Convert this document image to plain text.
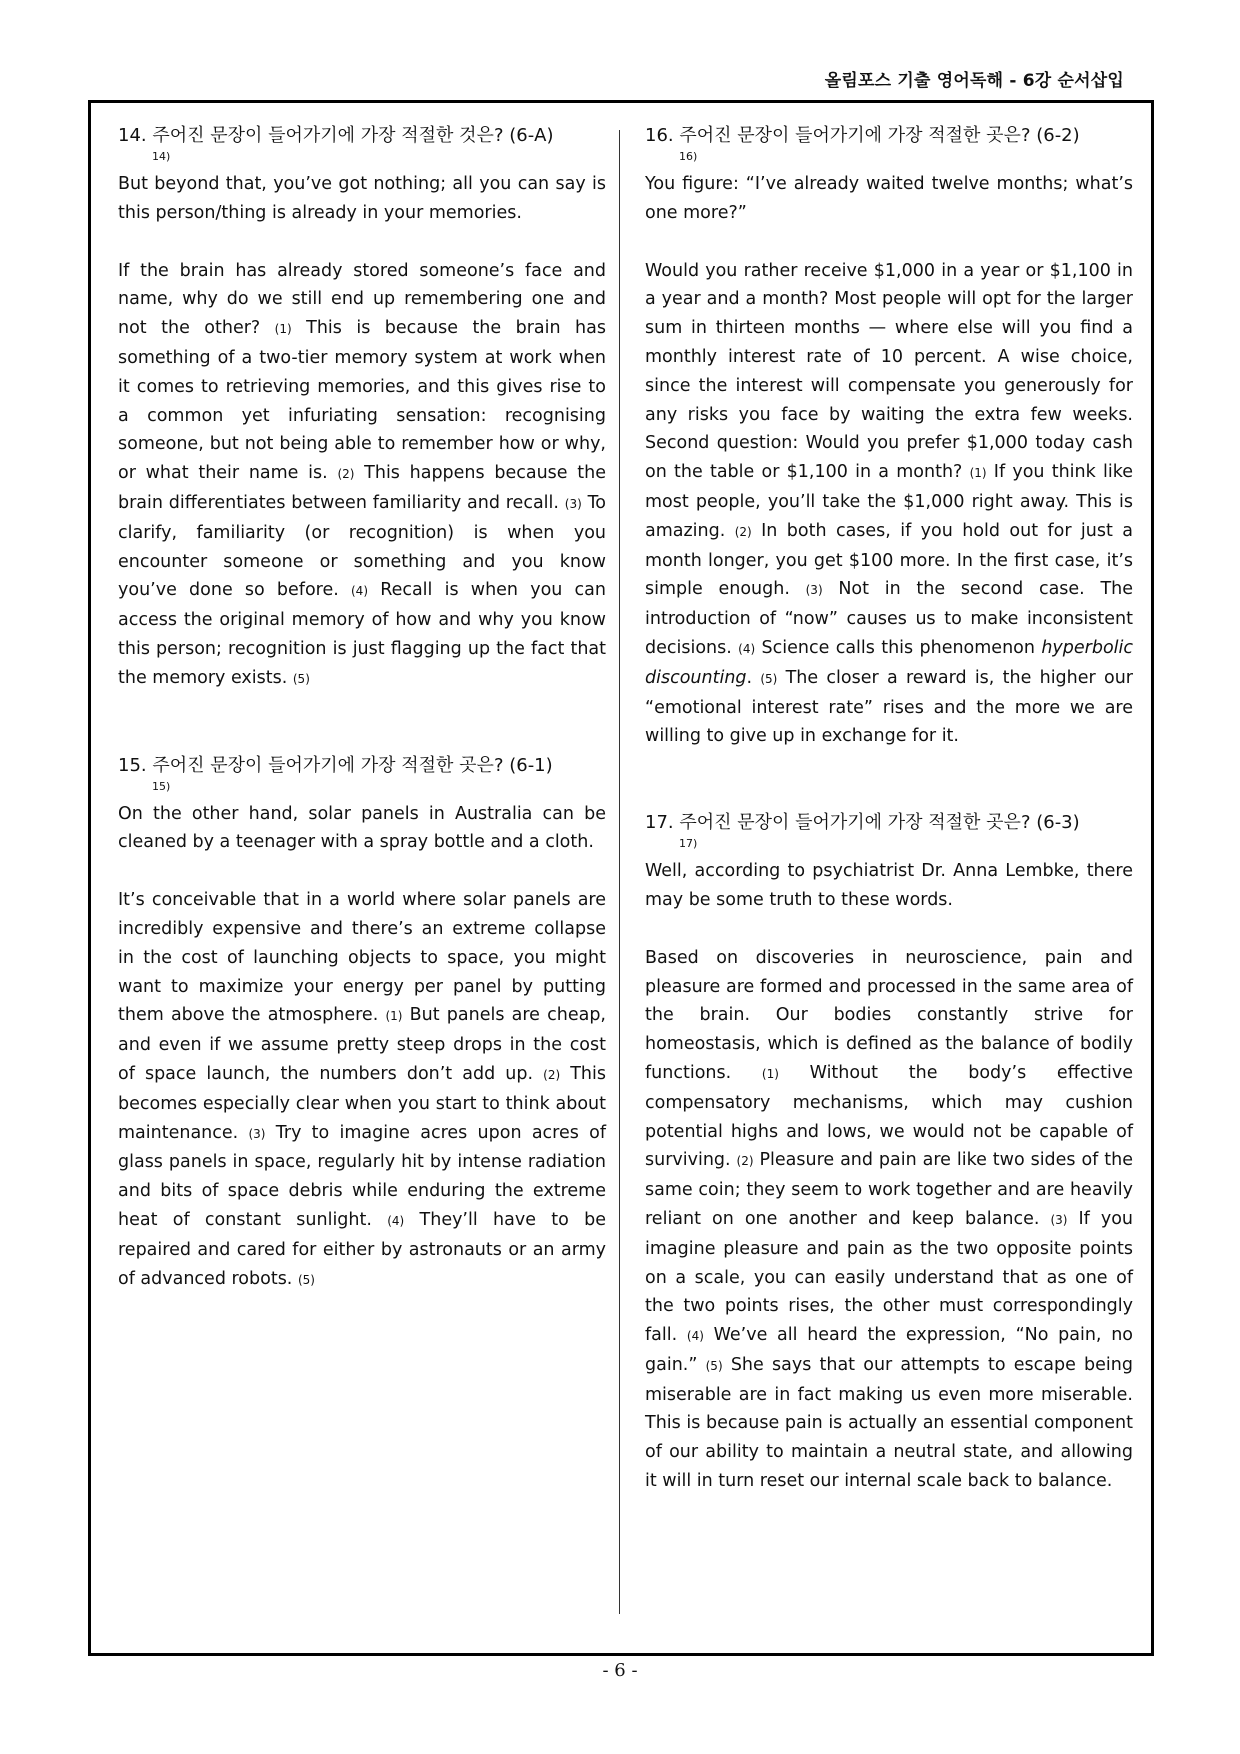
올림포스 기출 영어독해 - 6강 순서삽입
14. 주어진 문장이 들어가기에 가장 적절한 것은? (6-A)
14)
But beyond that, you’ve got nothing; all you can say is this person/thing is already in your memories.

If the brain has already stored someone’s face and name, why do we still end up remembering one and not the other? (1) This is because the brain has something of a two-tier memory system at work when it comes to retrieving memories, and this gives rise to a common yet infuriating sensation: recognising someone, but not being able to remember how or why, or what their name is. (2) This happens because the brain differentiates between familiarity and recall. (3) To clarify, familiarity (or recognition) is when you encounter someone or something and you know you’ve done so before. (4) Recall is when you can access the original memory of how and why you know this person; recognition is just flagging up the fact that the memory exists. (5)

15. 주어진 문장이 들어가기에 가장 적절한 곳은? (6-1)
15)
On the other hand, solar panels in Australia can be cleaned by a teenager with a spray bottle and a cloth.

It’s conceivable that in a world where solar panels are incredibly expensive and there’s an extreme collapse in the cost of launching objects to space, you might want to maximize your energy per panel by putting them above the atmosphere. (1) But panels are cheap, and even if we assume pretty steep drops in the cost of space launch, the numbers don’t add up. (2) This becomes especially clear when you start to think about maintenance. (3) Try to imagine acres upon acres of glass panels in space, regularly hit by intense radiation and bits of space debris while enduring the extreme heat of constant sunlight. (4) They’ll have to be repaired and cared for either by astronauts or an army of advanced robots. (5)

16. 주어진 문장이 들어가기에 가장 적절한 곳은? (6-2)
16)
You figure: “I’ve already waited twelve months; what’s one more?”

Would you rather receive $1,000 in a year or $1,100 in a year and a month? Most people will opt for the larger sum in thirteen months — where else will you find a monthly interest rate of 10 percent. A wise choice, since the interest will compensate you generously for any risks you face by waiting the extra few weeks. Second question: Would you prefer $1,000 today cash on the table or $1,100 in a month? (1) If you think like most people, you’ll take the $1,000 right away. This is amazing. (2) In both cases, if you hold out for just a month longer, you get $100 more. In the first case, it’s simple enough. (3) Not in the second case. The introduction of “now” causes us to make inconsistent decisions. (4) Science calls this phenomenon hyperbolic discounting. (5) The closer a reward is, the higher our “emotional interest rate” rises and the more we are willing to give up in exchange for it.

17. 주어진 문장이 들어가기에 가장 적절한 곳은? (6-3)
17)
Well, according to psychiatrist Dr. Anna Lembke, there may be some truth to these words.

Based on discoveries in neuroscience, pain and pleasure are formed and processed in the same area of the brain. Our bodies constantly strive for homeostasis, which is defined as the balance of bodily functions. (1) Without the body’s effective compensatory mechanisms, which may cushion potential highs and lows, we would not be capable of surviving. (2) Pleasure and pain are like two sides of the same coin; they seem to work together and are heavily reliant on one another and keep balance. (3) If you imagine pleasure and pain as the two opposite points on a scale, you can easily understand that as one of the two points rises, the other must correspondingly fall. (4) We’ve all heard the expression, “No pain, no gain.” (5) She says that our attempts to escape being miserable are in fact making us even more miserable. This is because pain is actually an essential component of our ability to maintain a neutral state, and allowing it will in turn reset our internal scale back to balance.

- 6 -
